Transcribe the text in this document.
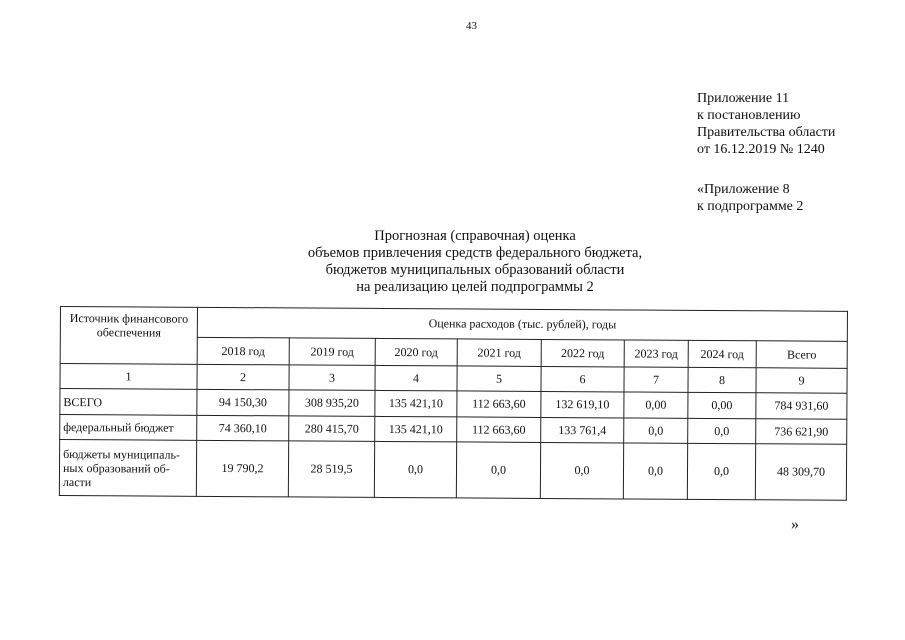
43
Приложение 11
к постановлению
Правительства области
от 16.12.2019 № 1240
«Приложение 8
к подпрограмме 2
Прогнозная (справочная) оценка
объемов привлечения средств федерального бюджета,
бюджетов муниципальных образований области
на реализацию целей подпрограммы 2
Источник финансового обеспечения	Оценка расходов (тыс. рублей), годы							
	2018 год	2019 год	2020 год	2021 год	2022 год	2023 год	2024 год	Всего
1	2	3	4	5	6	7	8	9
ВСЕГО	94 150,30	308 935,20	135 421,10	112 663,60	132 619,10	0,00	0,00	784 931,60
федеральный бюджет	74 360,10	280 415,70	135 421,10	112 663,60	133 761,4	0,0	0,0	736 621,90
бюджеты муниципаль-ных образований об-ласти	19 790,2	28 519,5	0,0	0,0	0,0	0,0	0,0	48 309,70
»
